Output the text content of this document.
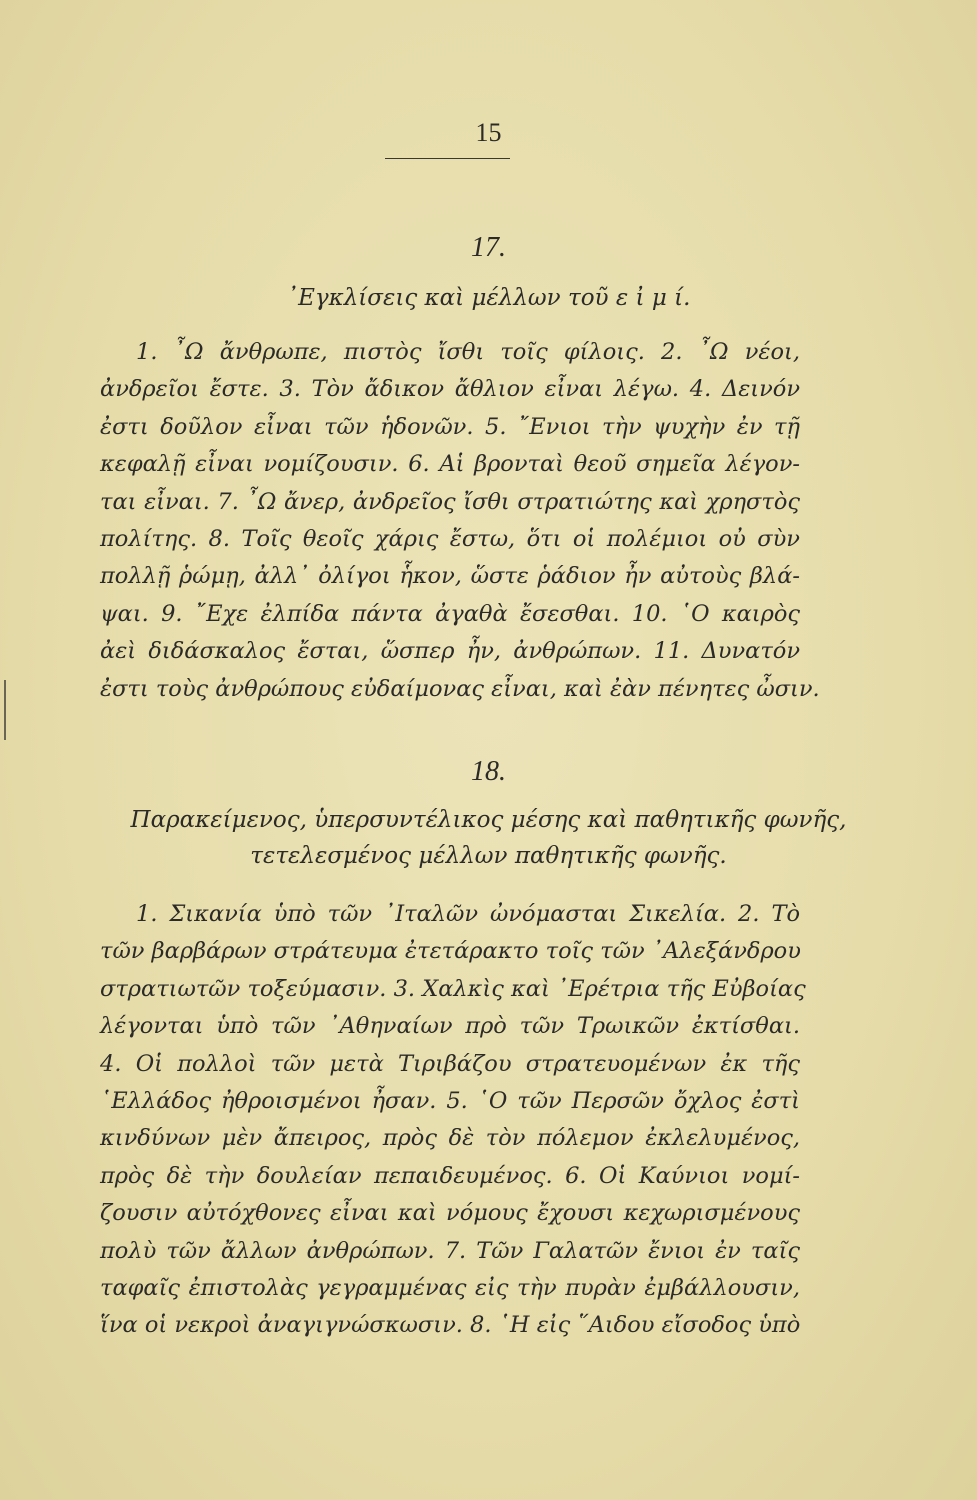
15
17.
᾿Εγκλίσεις καὶ μέλλων τοῦ ε ἰ μ ί.
1. ῏Ω ἄνθρωπε, πιστὸς ἴσθι τοῖς φίλοις. 2. ῏Ω νέοι,
ἀνδρεῖοι ἔστε. 3. Τὸν ἄδικον ἄθλιον εἶναι λέγω. 4. Δεινόν
ἐστι δοῦλον εἶναι τῶν ἡδονῶν. 5. ῎Ενιοι τὴν ψυχὴν ἐν τῇ
κεφαλῇ εἶναι νομίζουσιν. 6. Αἱ βρονταὶ θεοῦ σημεῖα λέγον-
ται εἶναι. 7. ῏Ω ἄνερ, ἀνδρεῖος ἴσθι στρατιώτης καὶ χρηστὸς
πολίτης. 8. Τοῖς θεοῖς χάρις ἔστω, ὅτι οἱ πολέμιοι οὐ σὺν
πολλῇ ῥώμῃ, ἀλλ᾿ ὀλίγοι ἧκον, ὥστε ῥάδιον ἦν αὐτοὺς βλά-
ψαι. 9. ῎Εχε ἐλπίδα πάντα ἀγαθὰ ἔσεσθαι. 10. ῾Ο καιρὸς
ἀεὶ διδάσκαλος ἔσται, ὥσπερ ἦν, ἀνθρώπων. 11. Δυνατόν
ἐστι τοὺς ἀνθρώπους εὐδαίμονας εἶναι, καὶ ἐὰν πένητες ὦσιν.
18.
Παρακείμενος, ὑπερσυντέλικος μέσης καὶ παθητικῆς φωνῆς,
τετελεσμένος μέλλων παθητικῆς φωνῆς.
1. Σικανία ὑπὸ τῶν ᾿Ιταλῶν ὠνόμασται Σικελία. 2. Τὸ
τῶν βαρβάρων στράτευμα ἐτετάρακτο τοῖς τῶν ᾿Αλεξάνδρου
στρατιωτῶν τοξεύμασιν. 3. Χαλκὶς καὶ ᾿Ερέτρια τῆς Εὐβοίας
λέγονται ὑπὸ τῶν ᾿Αθηναίων πρὸ τῶν Τρωικῶν ἐκτίσθαι.
4. Οἱ πολλοὶ τῶν μετὰ Τιριβάζου στρατευομένων ἐκ τῆς
῾Ελλάδος ἠθροισμένοι ἦσαν. 5. ῾Ο τῶν Περσῶν ὄχλος ἐστὶ
κινδύνων μὲν ἄπειρος, πρὸς δὲ τὸν πόλεμον ἐκλελυμένος,
πρὸς δὲ τὴν δουλείαν πεπαιδευμένος. 6. Οἱ Καύνιοι νομί-
ζουσιν αὐτόχθονες εἶναι καὶ νόμους ἔχουσι κεχωρισμένους
πολὺ τῶν ἄλλων ἀνθρώπων. 7. Τῶν Γαλατῶν ἔνιοι ἐν ταῖς
ταφαῖς ἐπιστολὰς γεγραμμένας εἰς τὴν πυρὰν ἐμβάλλουσιν,
ἵνα οἱ νεκροὶ ἀναγιγνώσκωσιν. 8. ῾Η εἰς ῞Αιδου εἴσοδος ὑπὸ
